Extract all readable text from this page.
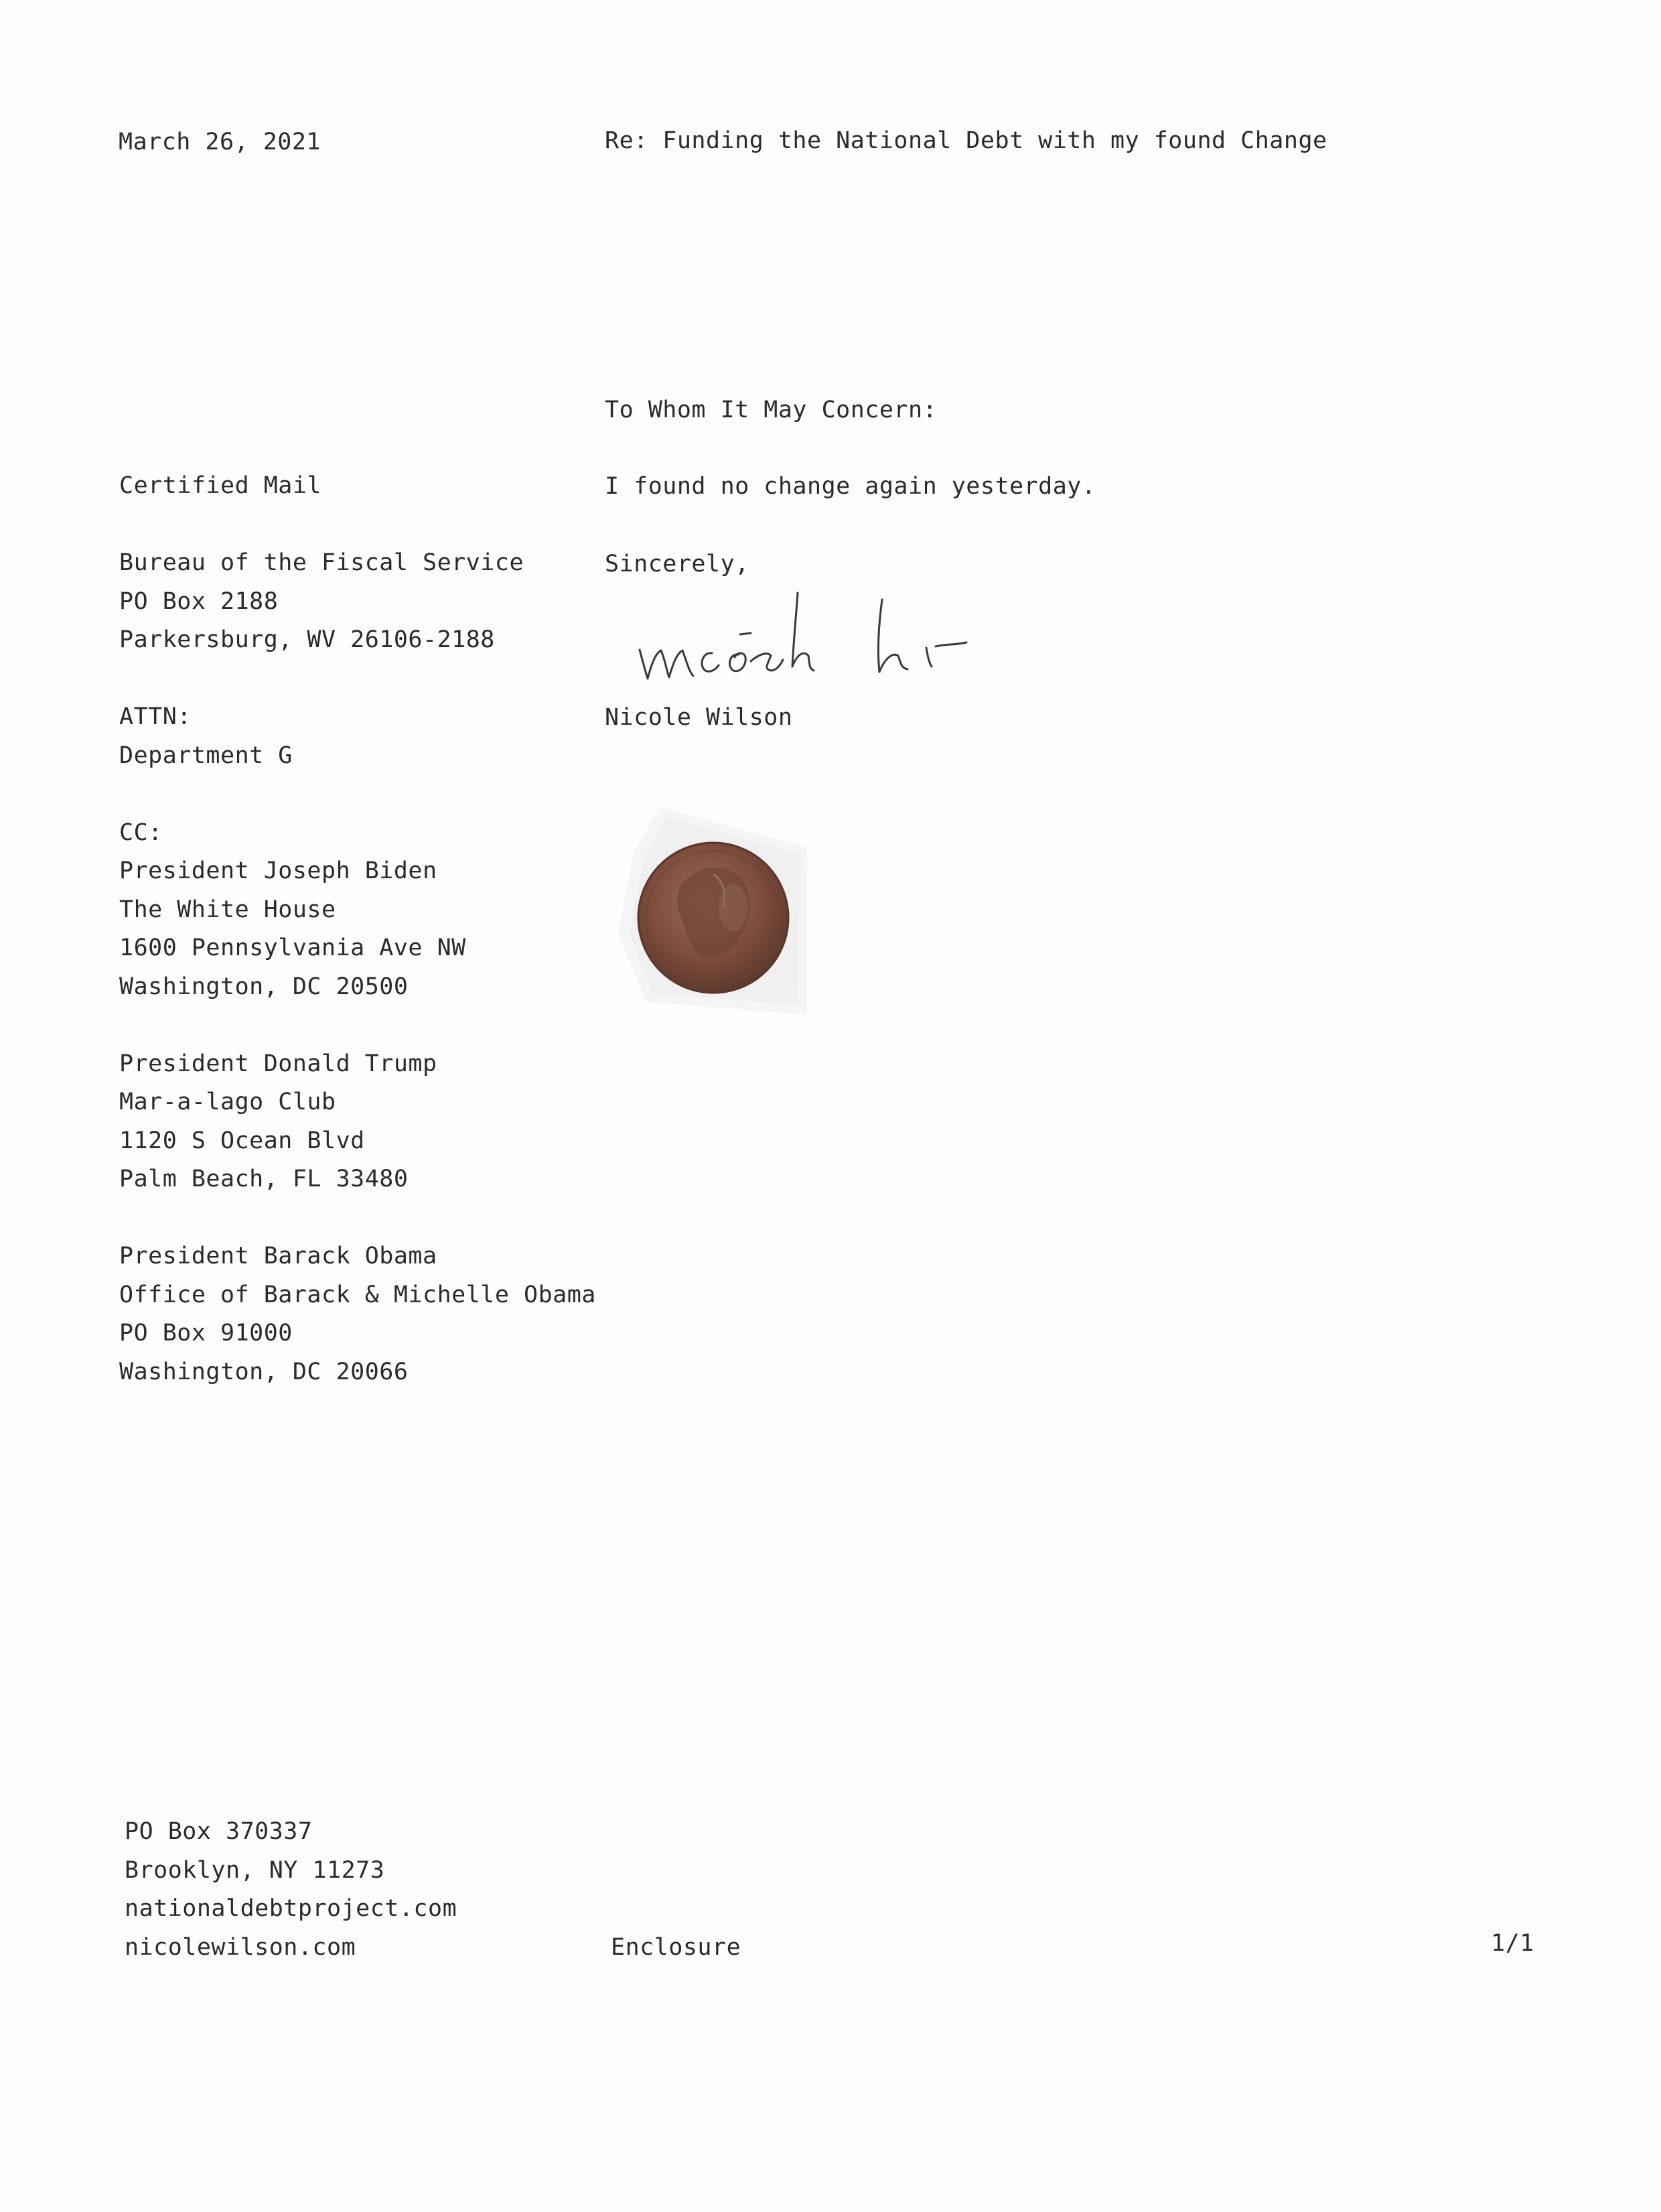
March 26, 2021	Re: Funding the National Debt with my found Change
To Whom It May Concern:
I found no change again yesterday.
Sincerely,
Nicole Wilson
Certified Mail
Bureau of the Fiscal Service
PO Box 2188
Parkersburg, WV 26106-2188
ATTN:
Department G
CC:
President Joseph Biden
The White House
1600 Pennsylvania Ave NW
Washington, DC 20500
President Donald Trump
Mar-a-lago Club
1120 S Ocean Blvd
Palm Beach, FL 33480
President Barack Obama
Office of Barack & Michelle Obama
PO Box 91000
Washington, DC 20066
PO Box 370337
Brooklyn, NY 11273
nationaldebtproject.com
nicolewilson.com	Enclosure	1/1
